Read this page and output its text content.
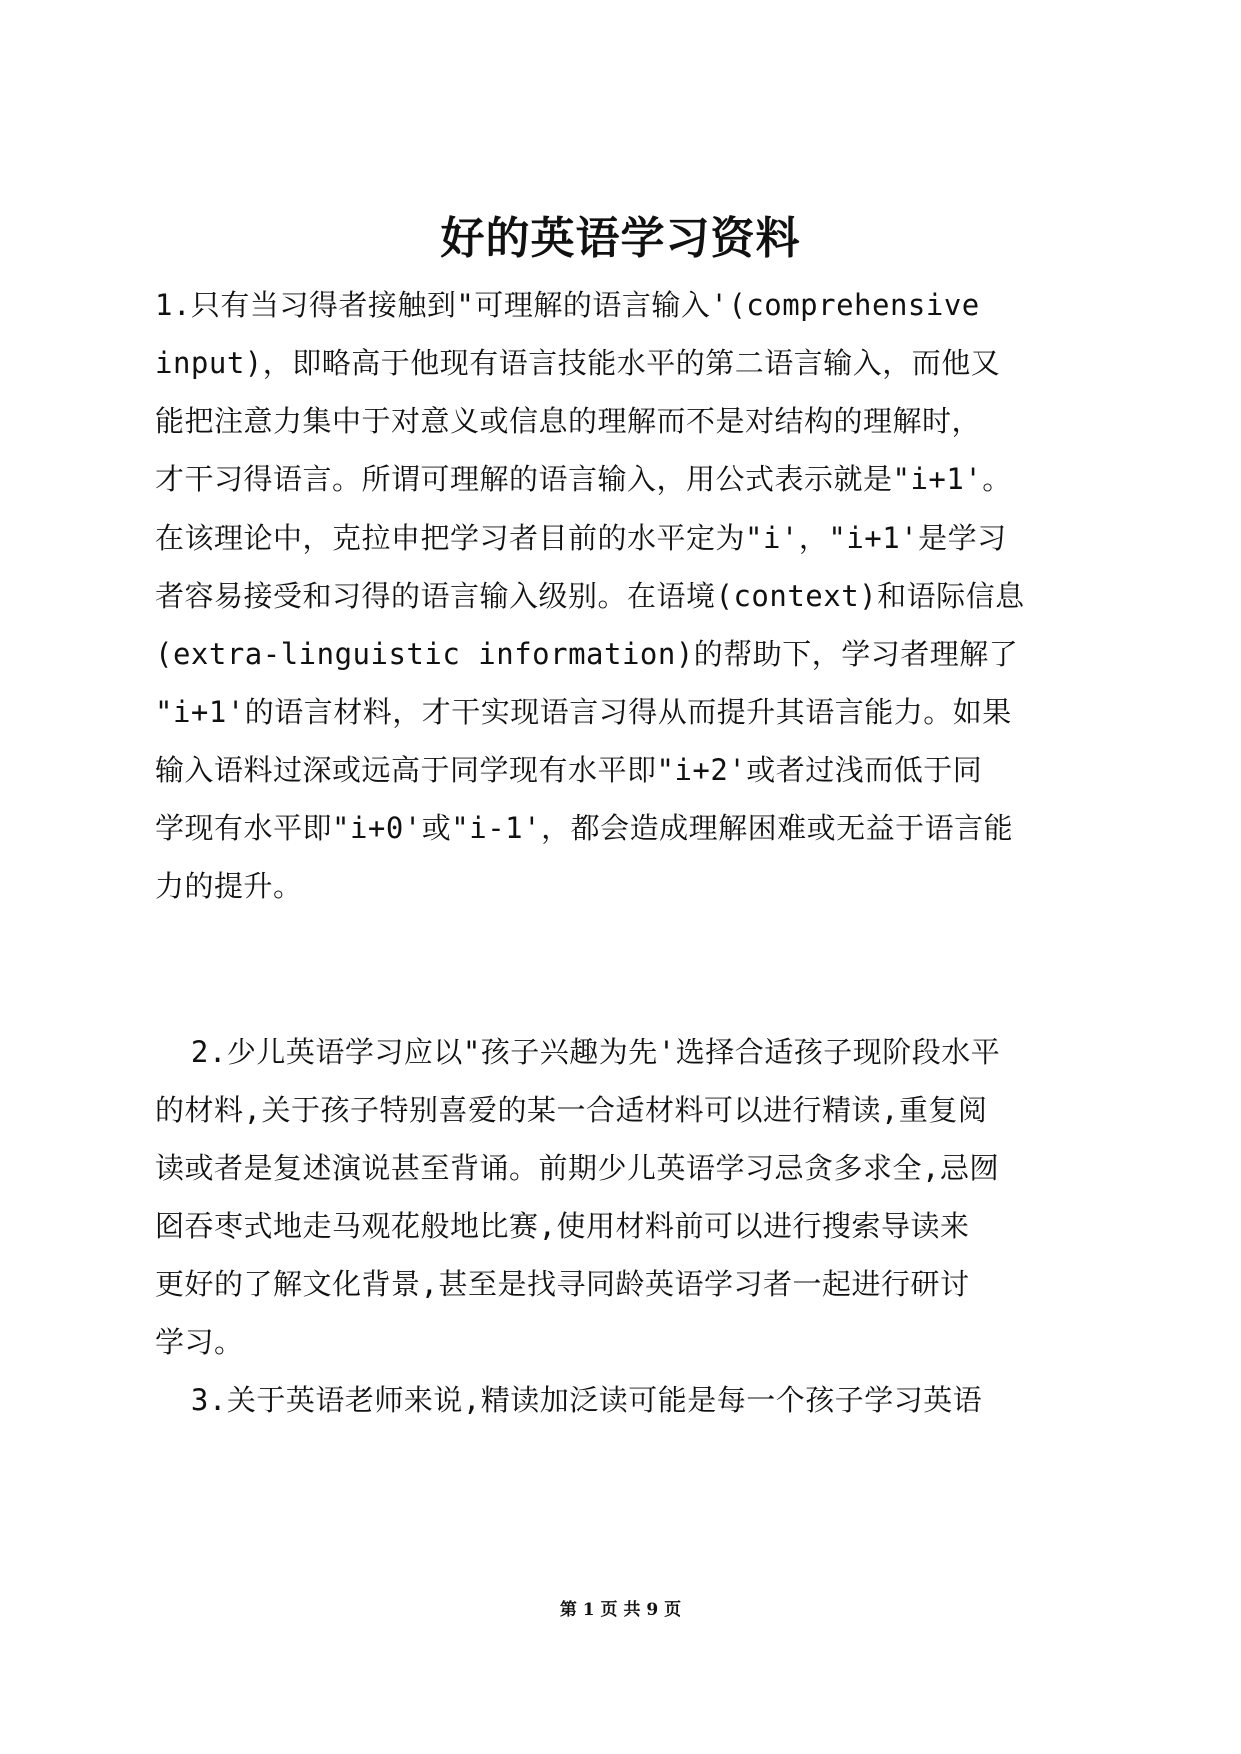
好的英语学习资料

1.只有当习得者接触到"可理解的语言输入'(comprehensive

input)，即略高于他现有语言技能水平的第二语言输入，而他又

能把注意力集中于对意义或信息的理解而不是对结构的理解时，

才干习得语言。所谓可理解的语言输入，用公式表示就是"i+1'。

在该理论中，克拉申把学习者目前的水平定为"i'，"i+1'是学习

者容易接受和习得的语言输入级别。在语境(context)和语际信息

(extra-linguistic information)的帮助下，学习者理解了

"i+1'的语言材料，才干实现语言习得从而提升其语言能力。如果

输入语料过深或远高于同学现有水平即"i+2'或者过浅而低于同

学现有水平即"i+0'或"i-1'，都会造成理解困难或无益于语言能

力的提升。

2.少儿英语学习应以"孩子兴趣为先'选择合适孩子现阶段水平

的材料,关于孩子特别喜爱的某一合适材料可以进行精读,重复阅

读或者是复述演说甚至背诵。前期少儿英语学习忌贪多求全,忌囫

囵吞枣式地走马观花般地比赛,使用材料前可以进行搜索导读来

更好的了解文化背景,甚至是找寻同龄英语学习者一起进行研讨

学习。

3.关于英语老师来说,精读加泛读可能是每一个孩子学习英语

第 1 页 共 9 页
